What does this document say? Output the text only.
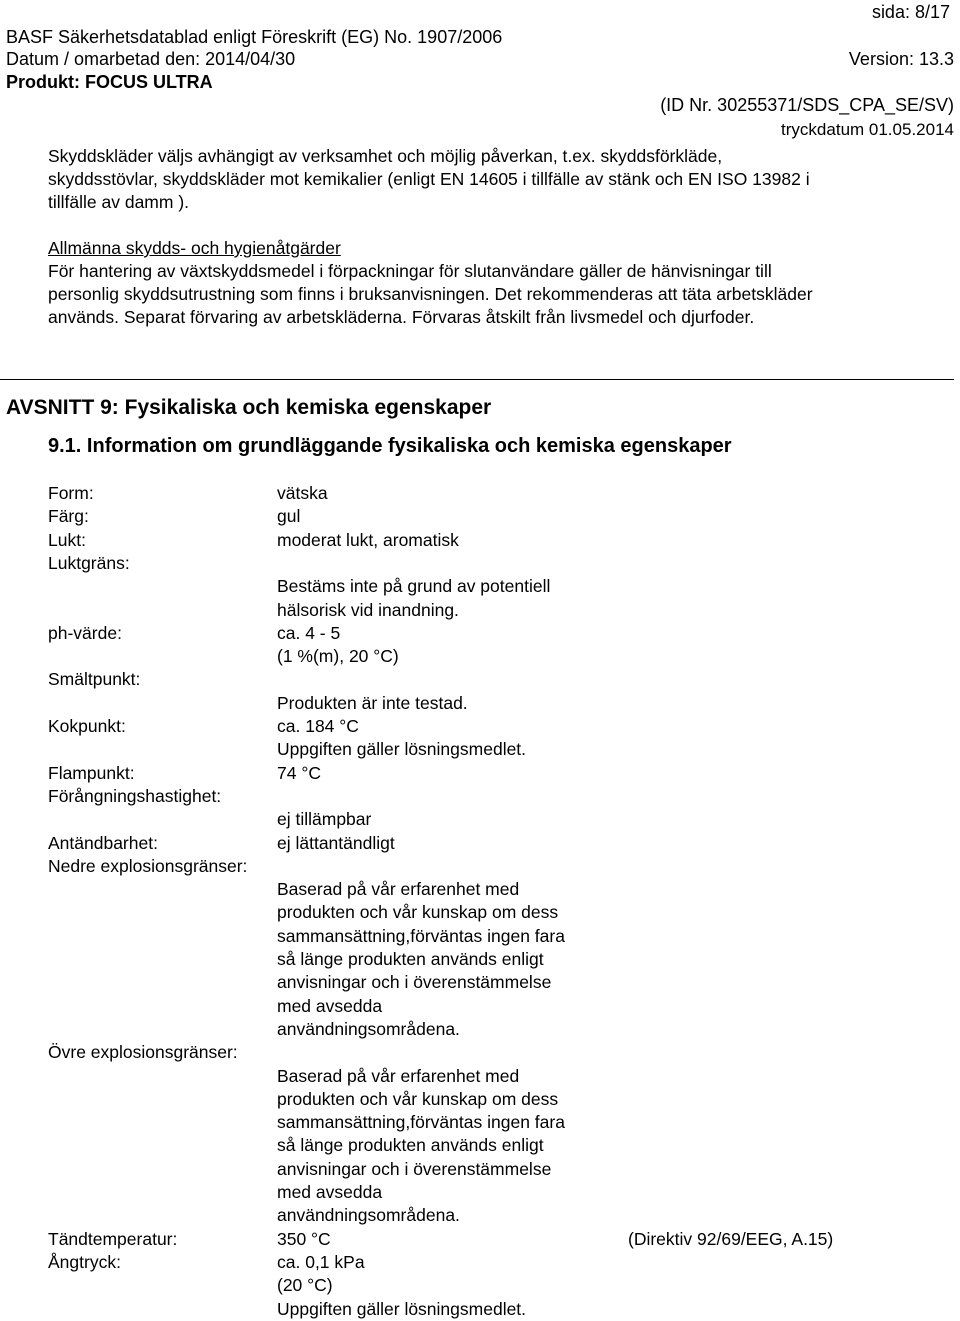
sida: 8/17
BASF Säkerhetsdatablad enligt Föreskrift (EG) No. 1907/2006
Datum / omarbetad den: 2014/04/30	Version: 13.3
Produkt: FOCUS ULTRA
(ID Nr. 30255371/SDS_CPA_SE/SV)
tryckdatum 01.05.2014
Skyddskläder väljs avhängigt av verksamhet och möjlig påverkan, t.ex. skyddsförkläde,
skyddsstövlar, skyddskläder mot kemikalier (enligt EN 14605 i tillfälle av stänk och EN ISO 13982 i
tillfälle av damm ).
Allmänna skydds- och hygienåtgärder
För hantering av växtskyddsmedel i förpackningar för slutanvändare gäller de hänvisningar till
personlig skyddsutrustning som finns i bruksanvisningen. Det rekommenderas att täta arbetskläder
används. Separat förvaring av arbetskläderna. Förvaras åtskilt från livsmedel och djurfoder.
AVSNITT 9: Fysikaliska och kemiska egenskaper
9.1. Information om grundläggande fysikaliska och kemiska egenskaper
Form:	vätska
Färg:	gul
Lukt:	moderat lukt, aromatisk
Luktgräns:
Bestäms inte på grund av potentiell
hälsorisk vid inandning.
ph-värde:	ca. 4 - 5
(1 %(m), 20 °C)
Smältpunkt:
Produkten är inte testad.
Kokpunkt:	ca. 184 °C
Uppgiften gäller lösningsmedlet.
Flampunkt:	74 °C
Förångningshastighet:
ej tillämpbar
Antändbarhet:	ej lättantändligt
Nedre explosionsgränser:
Baserad på vår erfarenhet med
produkten och vår kunskap om dess
sammansättning,förväntas ingen fara
så länge produkten används enligt
anvisningar och i överenstämmelse
med avsedda
användningsområdena.
Övre explosionsgränser:
Baserad på vår erfarenhet med
produkten och vår kunskap om dess
sammansättning,förväntas ingen fara
så länge produkten används enligt
anvisningar och i överenstämmelse
med avsedda
användningsområdena.
Tändtemperatur:	350 °C	(Direktiv 92/69/EEG, A.15)
Ångtryck:	ca. 0,1 kPa
(20 °C)
Uppgiften gäller lösningsmedlet.
